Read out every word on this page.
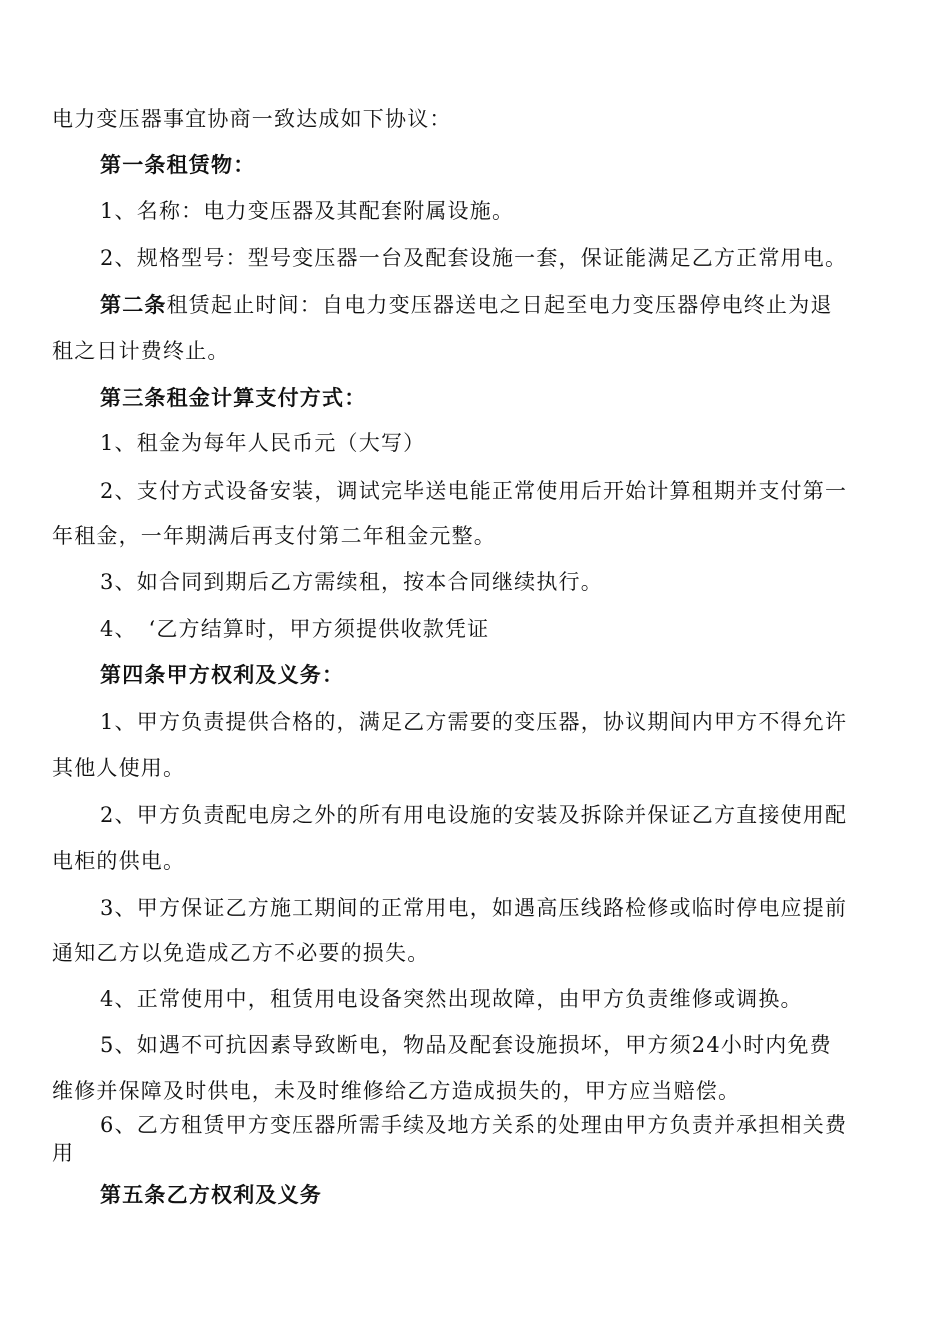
电力变压器事宜协商一致达成如下协议：
第一条租赁物：
1、名称：电力变压器及其配套附属设施。
2、规格型号：型号变压器一台及配套设施一套，保证能满足乙方正常用电。
第二条租赁起止时间：自电力变压器送电之日起至电力变压器停电终止为退
租之日计费终止。
第三条租金计算支付方式：
1、租金为每年人民币元（大写）
2、支付方式设备安装，调试完毕送电能正常使用后开始计算租期并支付第一
年租金，一年期满后再支付第二年租金元整。
3、如合同到期后乙方需续租，按本合同继续执行。
4、　‘乙方结算时，甲方须提供收款凭证
第四条甲方权利及义务：
1、甲方负责提供合格的，满足乙方需要的变压器，协议期间内甲方不得允许
其他人使用。
2、甲方负责配电房之外的所有用电设施的安装及拆除并保证乙方直接使用配
电柜的供电。
3、甲方保证乙方施工期间的正常用电，如遇高压线路检修或临时停电应提前
通知乙方以免造成乙方不必要的损失。
4、正常使用中，租赁用电设备突然出现故障，由甲方负责维修或调换。
5、如遇不可抗因素导致断电，物品及配套设施损坏，甲方须24小时内免费
维修并保障及时供电，未及时维修给乙方造成损失的，甲方应当赔偿。
6、乙方租赁甲方变压器所需手续及地方关系的处理由甲方负责并承担相关费
用
第五条乙方权利及义务
